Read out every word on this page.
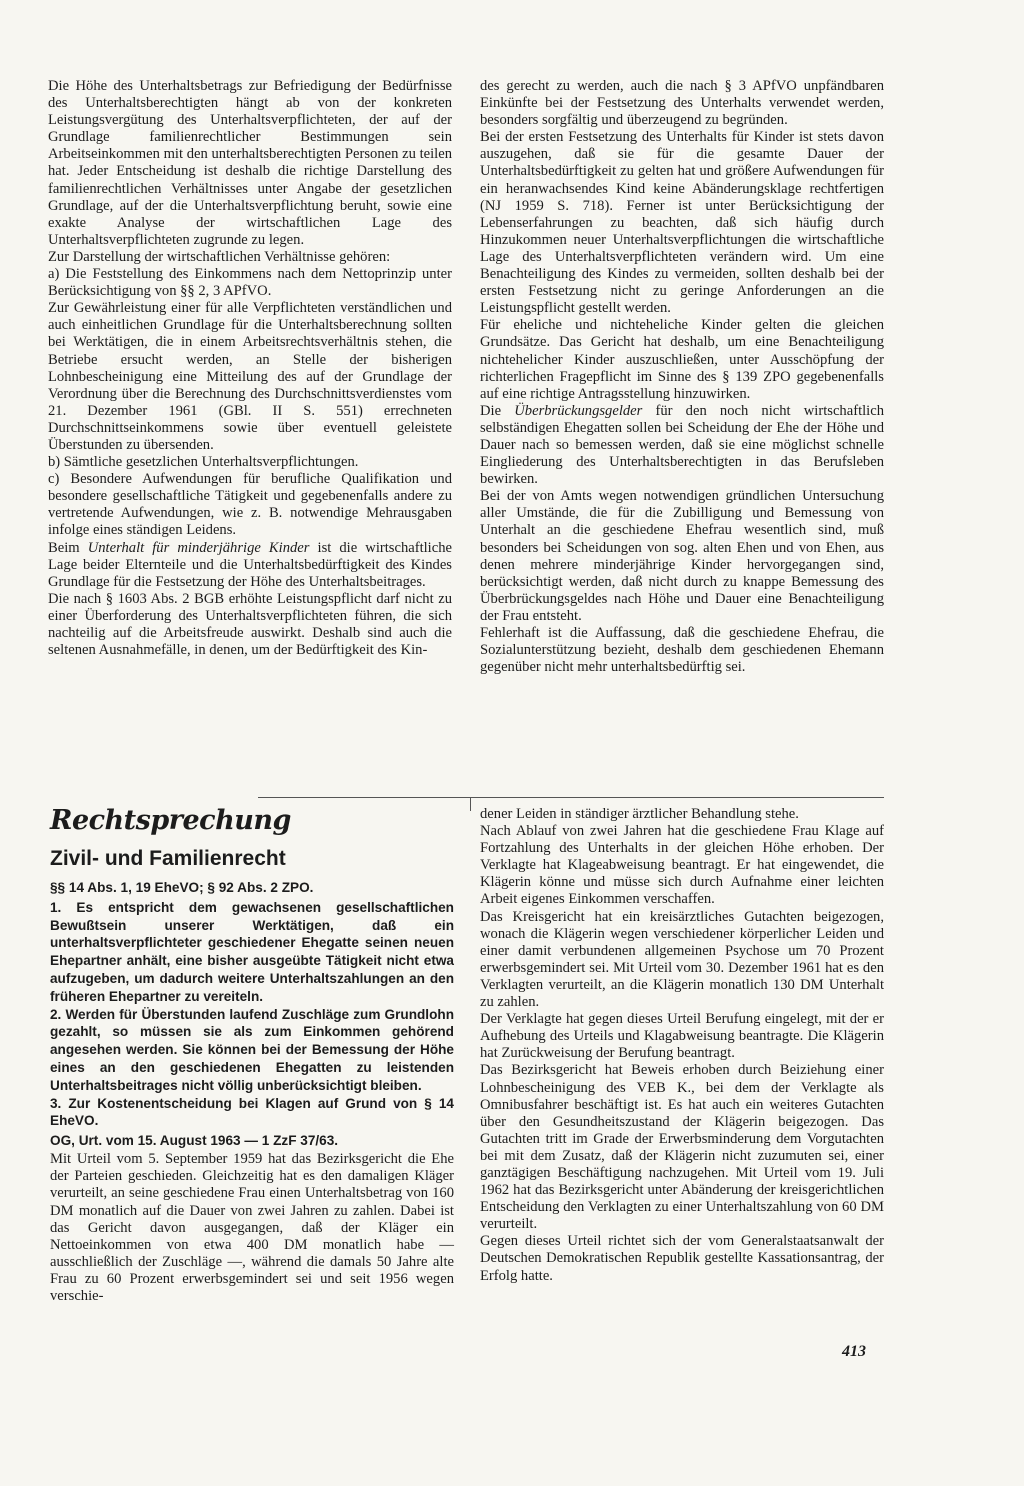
Die Höhe des Unterhaltsbetrags zur Befriedigung der Bedürfnisse des Unterhaltsberechtigten hängt ab von der konkreten Leistungsvergütung des Unterhaltsverpflichteten, der auf der Grundlage familienrechtlicher Bestimmungen sein Arbeitseinkommen mit den unterhaltsberechtigten Personen zu teilen hat. Jeder Entscheidung ist deshalb die richtige Darstellung des familienrechtlichen Verhältnisses unter Angabe der gesetzlichen Grundlage, auf der die Unterhaltsverpflichtung beruht, sowie eine exakte Analyse der wirtschaftlichen Lage des Unterhaltsverpflichteten zugrunde zu legen.

Zur Darstellung der wirtschaftlichen Verhältnisse gehören:

a) Die Feststellung des Einkommens nach dem Nettoprinzip unter Berücksichtigung von §§ 2, 3 APfVO.

Zur Gewährleistung einer für alle Verpflichteten verständlichen und auch einheitlichen Grundlage für die Unterhaltsberechnung sollten bei Werktätigen, die in einem Arbeitsrechtsverhältnis stehen, die Betriebe ersucht werden, an Stelle der bisherigen Lohnbescheinigung eine Mitteilung des auf der Grundlage der Verordnung über die Berechnung des Durchschnittsverdienstes vom 21. Dezember 1961 (GBl. II S. 551) errechneten Durchschnittseinkommens sowie über eventuell geleistete Überstunden zu übersenden.

b) Sämtliche gesetzlichen Unterhaltsverpflichtungen.

c) Besondere Aufwendungen für berufliche Qualifikation und besondere gesellschaftliche Tätigkeit und gegebenenfalls andere zu vertretende Aufwendungen, wie z. B. notwendige Mehrausgaben infolge eines ständigen Leidens.

Beim Unterhalt für minderjährige Kinder ist die wirtschaftliche Lage beider Elternteile und die Unterhaltsbedürftigkeit des Kindes Grundlage für die Festsetzung der Höhe des Unterhaltsbeitrages.

Die nach § 1603 Abs. 2 BGB erhöhte Leistungspflicht darf nicht zu einer Überforderung des Unterhaltsverpflichteten führen, die sich nachteilig auf die Arbeitsfreude auswirkt. Deshalb sind auch die seltenen Ausnahmefälle, in denen, um der Bedürftigkeit des Kin-

des gerecht zu werden, auch die nach § 3 APfVO unpfändbaren Einkünfte bei der Festsetzung des Unterhalts verwendet werden, besonders sorgfältig und überzeugend zu begründen.

Bei der ersten Festsetzung des Unterhalts für Kinder ist stets davon auszugehen, daß sie für die gesamte Dauer der Unterhaltsbedürftigkeit zu gelten hat und größere Aufwendungen für ein heranwachsendes Kind keine Abänderungsklage rechtfertigen (NJ 1959 S. 718). Ferner ist unter Berücksichtigung der Lebenserfahrungen zu beachten, daß sich häufig durch Hinzukommen neuer Unterhaltsverpflichtungen die wirtschaftliche Lage des Unterhaltsverpflichteten verändern wird. Um eine Benachteiligung des Kindes zu vermeiden, sollten deshalb bei der ersten Festsetzung nicht zu geringe Anforderungen an die Leistungspflicht gestellt werden.

Für eheliche und nichteheliche Kinder gelten die gleichen Grundsätze. Das Gericht hat deshalb, um eine Benachteiligung nichtehelicher Kinder auszuschließen, unter Ausschöpfung der richterlichen Fragepflicht im Sinne des § 139 ZPO gegebenenfalls auf eine richtige Antragsstellung hinzuwirken.

Die Überbrückungsgelder für den noch nicht wirtschaftlich selbständigen Ehegatten sollen bei Scheidung der Ehe der Höhe und Dauer nach so bemessen werden, daß sie eine möglichst schnelle Eingliederung des Unterhaltsberechtigten in das Berufsleben bewirken.

Bei der von Amts wegen notwendigen gründlichen Untersuchung aller Umstände, die für die Zubilligung und Bemessung von Unterhalt an die geschiedene Ehefrau wesentlich sind, muß besonders bei Scheidungen von sog. alten Ehen und von Ehen, aus denen mehrere minderjährige Kinder hervorgegangen sind, berücksichtigt werden, daß nicht durch zu knappe Bemessung des Überbrückungsgeldes nach Höhe und Dauer eine Benachteiligung der Frau entsteht.

Fehlerhaft ist die Auffassung, daß die geschiedene Ehefrau, die Sozialunterstützung bezieht, deshalb dem geschiedenen Ehemann gegenüber nicht mehr unterhaltsbedürftig sei.

Rechtsprechung
Zivil- und Familienrecht

§§ 14 Abs. 1, 19 EheVO; § 92 Abs. 2 ZPO.

1. Es entspricht dem gewachsenen gesellschaftlichen Bewußtsein unserer Werktätigen, daß ein unterhaltsverpflichteter geschiedener Ehegatte seinen neuen Ehepartner anhält, eine bisher ausgeübte Tätigkeit nicht etwa aufzugeben, um dadurch weitere Unterhaltszahlungen an den früheren Ehepartner zu vereiteln.

2. Werden für Überstunden laufend Zuschläge zum Grundlohn gezahlt, so müssen sie als zum Einkommen gehörend angesehen werden. Sie können bei der Bemessung der Höhe eines an den geschiedenen Ehegatten zu leistenden Unterhaltsbeitrages nicht völlig unberücksichtigt bleiben.

3. Zur Kostenentscheidung bei Klagen auf Grund von § 14 EheVO.

OG, Urt. vom 15. August 1963 — 1 ZzF 37/63.

Mit Urteil vom 5. September 1959 hat das Bezirksgericht die Ehe der Parteien geschieden. Gleichzeitig hat es den damaligen Kläger verurteilt, an seine geschiedene Frau einen Unterhaltsbetrag von 160 DM monatlich auf die Dauer von zwei Jahren zu zahlen. Dabei ist das Gericht davon ausgegangen, daß der Kläger ein Nettoeinkommen von etwa 400 DM monatlich habe — ausschließlich der Zuschläge —, während die damals 50 Jahre alte Frau zu 60 Prozent erwerbsgemindert sei und seit 1956 wegen verschie-

dener Leiden in ständiger ärztlicher Behandlung stehe.

Nach Ablauf von zwei Jahren hat die geschiedene Frau Klage auf Fortzahlung des Unterhalts in der gleichen Höhe erhoben. Der Verklagte hat Klageabweisung beantragt. Er hat eingewendet, die Klägerin könne und müsse sich durch Aufnahme einer leichten Arbeit eigenes Einkommen verschaffen.

Das Kreisgericht hat ein kreisärztliches Gutachten beigezogen, wonach die Klägerin wegen verschiedener körperlicher Leiden und einer damit verbundenen allgemeinen Psychose um 70 Prozent erwerbsgemindert sei. Mit Urteil vom 30. Dezember 1961 hat es den Verklagten verurteilt, an die Klägerin monatlich 130 DM Unterhalt zu zahlen.

Der Verklagte hat gegen dieses Urteil Berufung eingelegt, mit der er Aufhebung des Urteils und Klagabweisung beantragte. Die Klägerin hat Zurückweisung der Berufung beantragt.

Das Bezirksgericht hat Beweis erhoben durch Beiziehung einer Lohnbescheinigung des VEB K., bei dem der Verklagte als Omnibusfahrer beschäftigt ist. Es hat auch ein weiteres Gutachten über den Gesundheitszustand der Klägerin beigezogen. Das Gutachten tritt im Grade der Erwerbsminderung dem Vorgutachten bei mit dem Zusatz, daß der Klägerin nicht zuzumuten sei, einer ganztägigen Beschäftigung nachzugehen. Mit Urteil vom 19. Juli 1962 hat das Bezirksgericht unter Abänderung der kreisgerichtlichen Entscheidung den Verklagten zu einer Unterhaltszahlung von 60 DM verurteilt.

Gegen dieses Urteil richtet sich der vom Generalstaatsanwalt der Deutschen Demokratischen Republik gestellte Kassationsantrag, der Erfolg hatte.

413
